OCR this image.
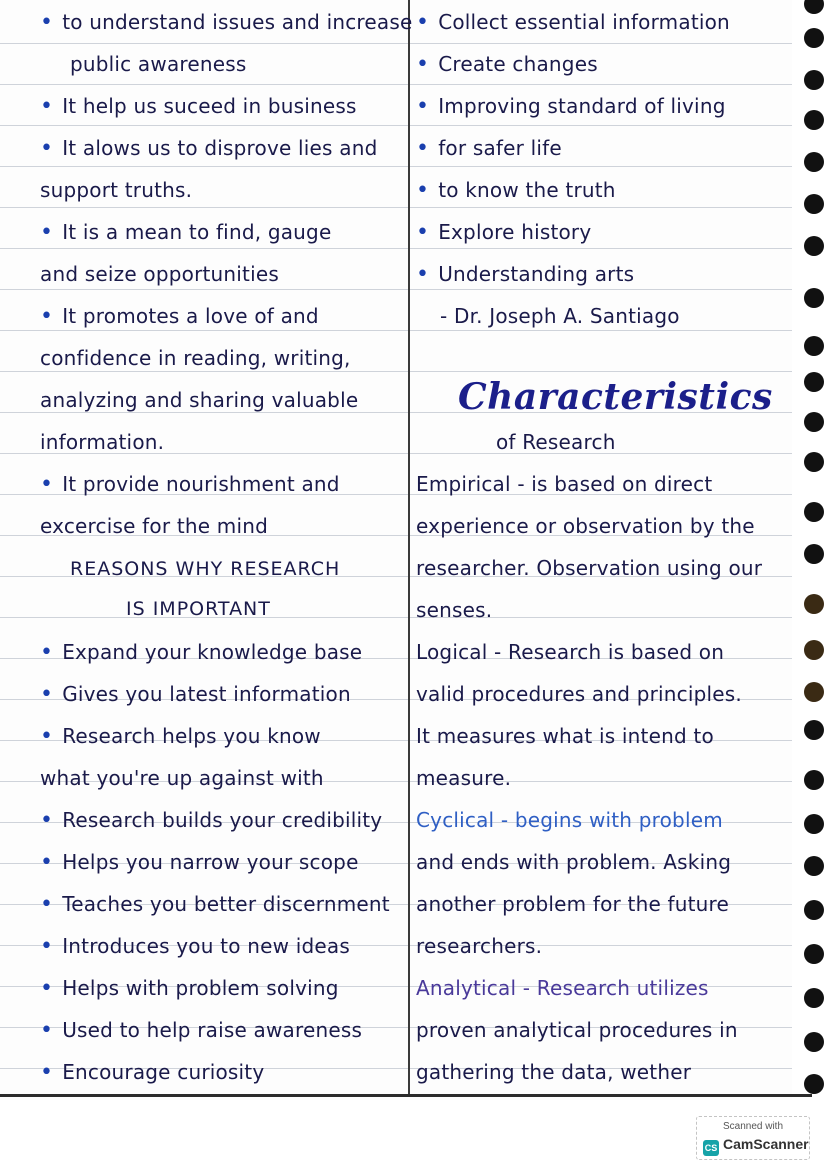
• to understand issues and increase
public awareness
• It help us suceed in business
• It alows us to disprove lies and
support truths.
• It is a mean to find, gauge
and seize opportunities
• It promotes a love of and
confidence in reading, writing,
analyzing and sharing valuable
information.
• It provide nourishment and
excercise for the mind
REASONS WHY RESEARCH
IS IMPORTANT
• Expand your knowledge base
• Gives you latest information
• Research helps you know
what you're up against with
• Research builds your credibility
• Helps you narrow your scope
• Teaches you better discernment
• Introduces you to new ideas
• Helps with problem solving
• Used to help raise awareness
• Encourage curiosity
• Collect essential information
• Create changes
• Improving standard of living
• for safer life
• to know the truth
• Explore history
• Understanding arts
- Dr. Joseph A. Santiago
of Research
Empirical - is based on direct
experience or observation by the
researcher. Observation using our
senses.
Logical - Research is based on
valid procedures and principles.
It measures what is intend to
measure.
Cyclical - begins with problem
and ends with problem. Asking
another problem for the future
researchers.
Analytical - Research utilizes
proven analytical procedures in
gathering the data, wether
Characteristics
Scanned with
CS CamScanner
